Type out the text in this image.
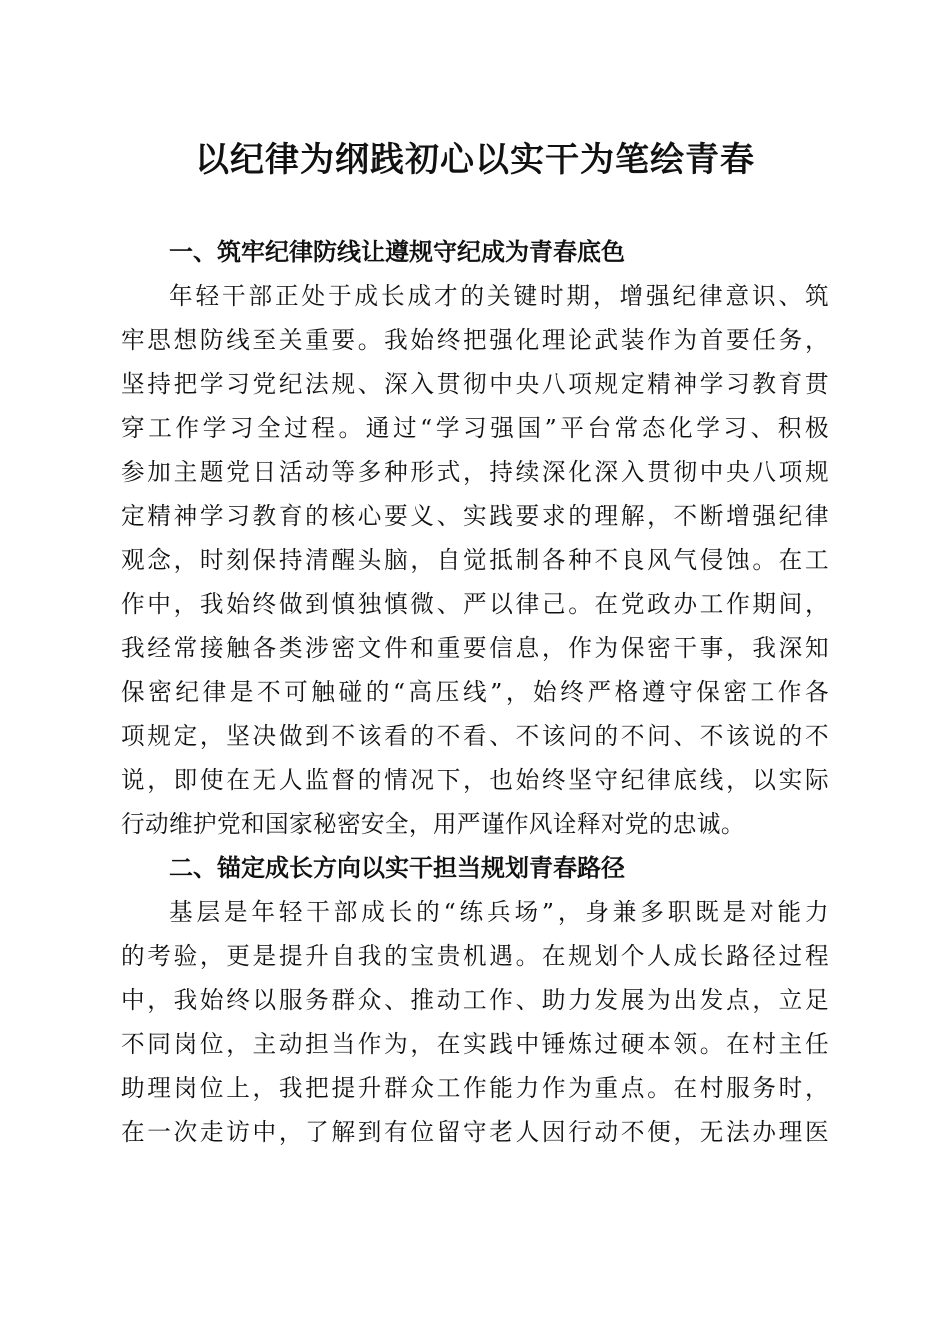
以纪律为纲践初心以实干为笔绘青春
一、筑牢纪律防线让遵规守纪成为青春底色
年轻干部正处于成长成才的关键时期，增强纪律意识、筑
牢思想防线至关重要。我始终把强化理论武装作为首要任务，
坚持把学习党纪法规、深入贯彻中央八项规定精神学习教育贯
穿工作学习全过程。通过“学习强国”平台常态化学习、积极
参加主题党日活动等多种形式，持续深化深入贯彻中央八项规
定精神学习教育的核心要义、实践要求的理解，不断增强纪律
观念，时刻保持清醒头脑，自觉抵制各种不良风气侵蚀。在工
作中，我始终做到慎独慎微、严以律己。在党政办工作期间，
我经常接触各类涉密文件和重要信息，作为保密干事，我深知
保密纪律是不可触碰的“高压线”，始终严格遵守保密工作各
项规定，坚决做到不该看的不看、不该问的不问、不该说的不
说，即使在无人监督的情况下，也始终坚守纪律底线，以实际
行动维护党和国家秘密安全，用严谨作风诠释对党的忠诚。
二、锚定成长方向以实干担当规划青春路径
基层是年轻干部成长的“练兵场”，身兼多职既是对能力
的考验，更是提升自我的宝贵机遇。在规划个人成长路径过程
中，我始终以服务群众、推动工作、助力发展为出发点，立足
不同岗位，主动担当作为，在实践中锤炼过硬本领。在村主任
助理岗位上，我把提升群众工作能力作为重点。在村服务时，
在一次走访中，了解到有位留守老人因行动不便，无法办理医
